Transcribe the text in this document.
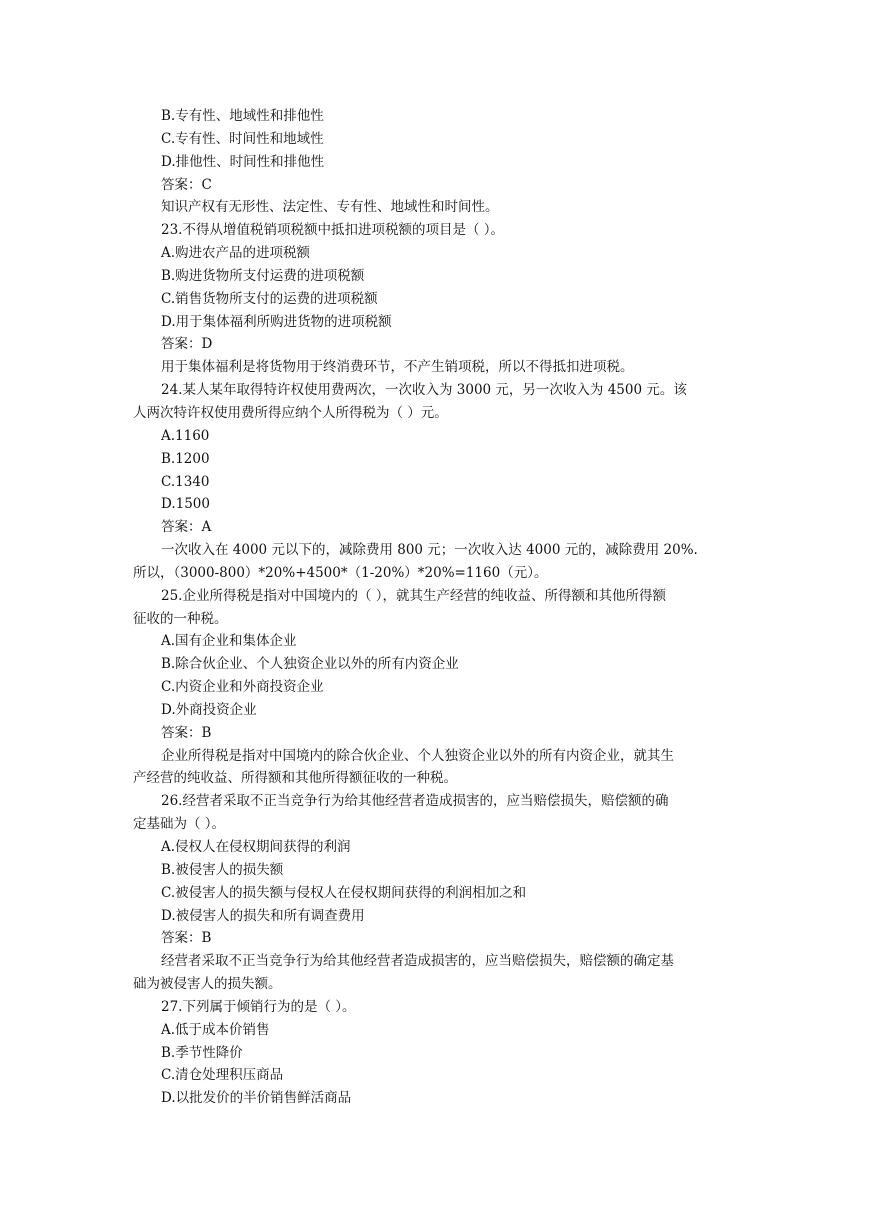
B.专有性、地域性和排他性
C.专有性、时间性和地域性
D.排他性、时间性和排他性
答案：C
知识产权有无形性、法定性、专有性、地域性和时间性。
23.不得从增值税销项税额中抵扣进项税额的项目是（ ）。
A.购进农产品的进项税额
B.购进货物所支付运费的进项税额
C.销售货物所支付的运费的进项税额
D.用于集体福利所购进货物的进项税额
答案：D
用于集体福利是将货物用于终消费环节，不产生销项税，所以不得抵扣进项税。
24.某人某年取得特许权使用费两次，一次收入为 3000 元，另一次收入为 4500 元。该
人两次特许权使用费所得应纳个人所得税为（ ）元。
A.1160
B.1200
C.1340
D.1500
答案：A
一次收入在 4000 元以下的，减除费用 800 元；一次收入达 4000 元的，减除费用 20%.
所以，（3000-800）*20%+4500*（1-20%）*20%=1160（元）。
25.企业所得税是指对中国境内的（ ），就其生产经营的纯收益、所得额和其他所得额
征收的一种税。
A.国有企业和集体企业
B.除合伙企业、个人独资企业以外的所有内资企业
C.内资企业和外商投资企业
D.外商投资企业
答案：B
企业所得税是指对中国境内的除合伙企业、个人独资企业以外的所有内资企业，就其生
产经营的纯收益、所得额和其他所得额征收的一种税。
26.经营者采取不正当竞争行为给其他经营者造成损害的，应当赔偿损失，赔偿额的确
定基础为（ ）。
A.侵权人在侵权期间获得的利润
B.被侵害人的损失额
C.被侵害人的损失额与侵权人在侵权期间获得的利润相加之和
D.被侵害人的损失和所有调查费用
答案：B
经营者采取不正当竞争行为给其他经营者造成损害的，应当赔偿损失，赔偿额的确定基
础为被侵害人的损失额。
27.下列属于倾销行为的是（ ）。
A.低于成本价销售
B.季节性降价
C.清仓处理积压商品
D.以批发价的半价销售鲜活商品
